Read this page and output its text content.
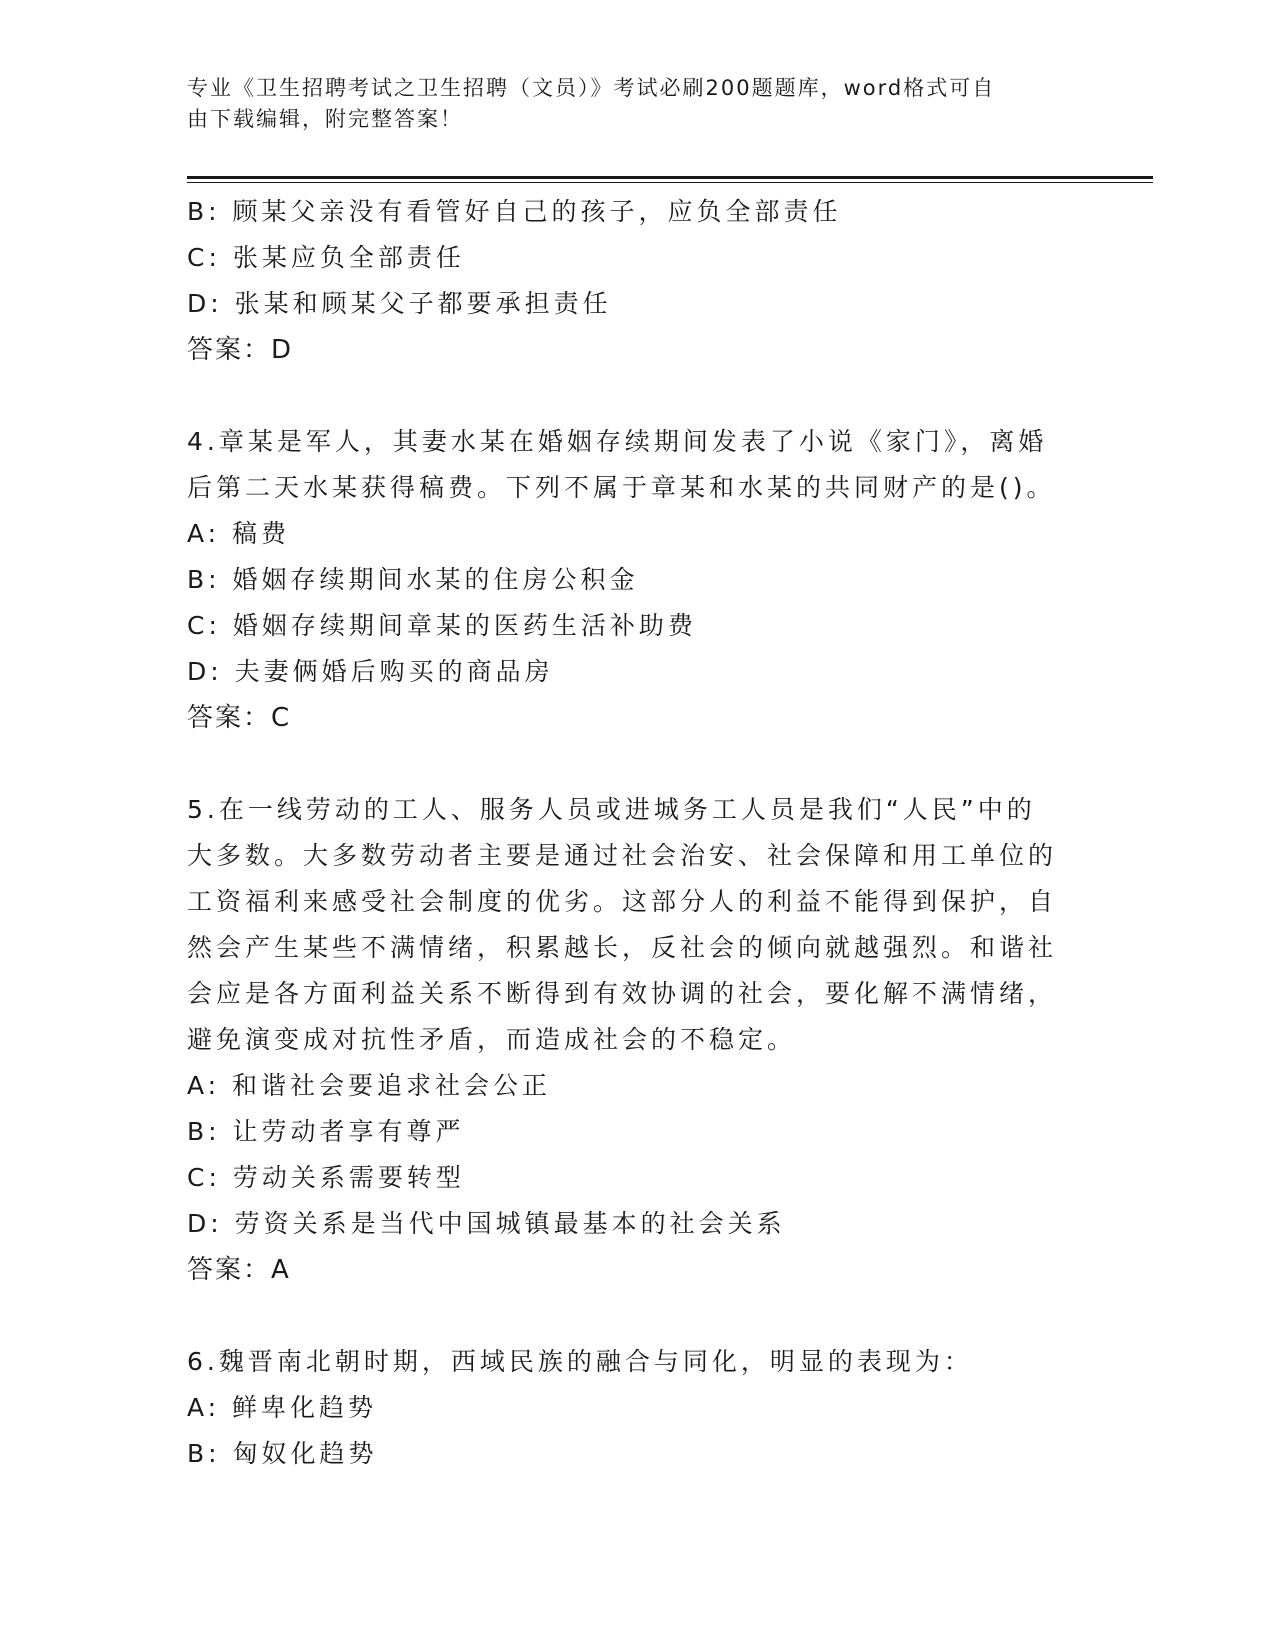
专业《卫生招聘考试之卫生招聘（文员）》考试必刷200题题库，word格式可自
由下载编辑，附完整答案！
B: 顾某父亲没有看管好自己的孩子，应负全部责任
C: 张某应负全部责任
D: 张某和顾某父子都要承担责任
答案：D
4.章某是军人，其妻水某在婚姻存续期间发表了小说《家门》，离婚
后第二天水某获得稿费。下列不属于章某和水某的共同财产的是()。
A: 稿费
B: 婚姻存续期间水某的住房公积金
C: 婚姻存续期间章某的医药生活补助费
D: 夫妻俩婚后购买的商品房
答案：C
5.在一线劳动的工人、服务人员或进城务工人员是我们“人民”中的
大多数。大多数劳动者主要是通过社会治安、社会保障和用工单位的
工资福利来感受社会制度的优劣。这部分人的利益不能得到保护，自
然会产生某些不满情绪，积累越长，反社会的倾向就越强烈。和谐社
会应是各方面利益关系不断得到有效协调的社会，要化解不满情绪，
避免演变成对抗性矛盾，而造成社会的不稳定。
A: 和谐社会要追求社会公正
B: 让劳动者享有尊严
C: 劳动关系需要转型
D: 劳资关系是当代中国城镇最基本的社会关系
答案：A
6.魏晋南北朝时期，西域民族的融合与同化，明显的表现为：
A: 鲜卑化趋势
B: 匈奴化趋势
